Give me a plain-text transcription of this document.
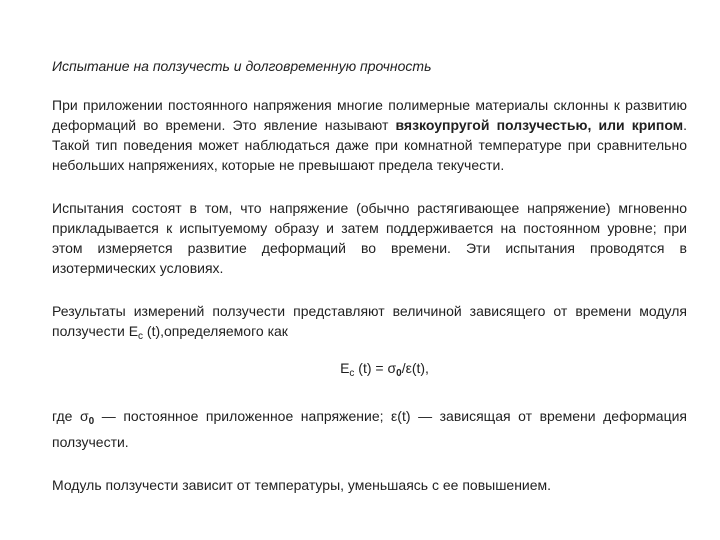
Испытание на ползучесть и долговременную прочность
При приложении постоянного напряжения многие полимерные материалы склонны к развитию деформаций во времени. Это явление называют вязкоупругой ползучестью, или крипом. Такой тип поведения может наблюдаться даже при комнатной температуре при сравнительно небольших напряжениях, которые не превышают предела текучести.
Испытания состоят в том, что напряжение (обычно растягивающее напряжение) мгновенно прикладывается к испытуемому образу и затем поддерживается на постоянном уровне; при этом измеряется развитие деформаций во времени. Эти испытания проводятся в изотермических условиях.
Результаты измерений ползучести представляют величиной зависящего от времени модуля ползучести $E_c$ (t),определяемого как
$E_c$ $(t) = \sigma_0/\varepsilon(t)$,
где $\sigma_0$ — постоянное приложенное напряжение; ε(t) — зависящая от времени деформация ползучести.
Модуль ползучести зависит от температуры, уменьшаясь с ее повышением.
